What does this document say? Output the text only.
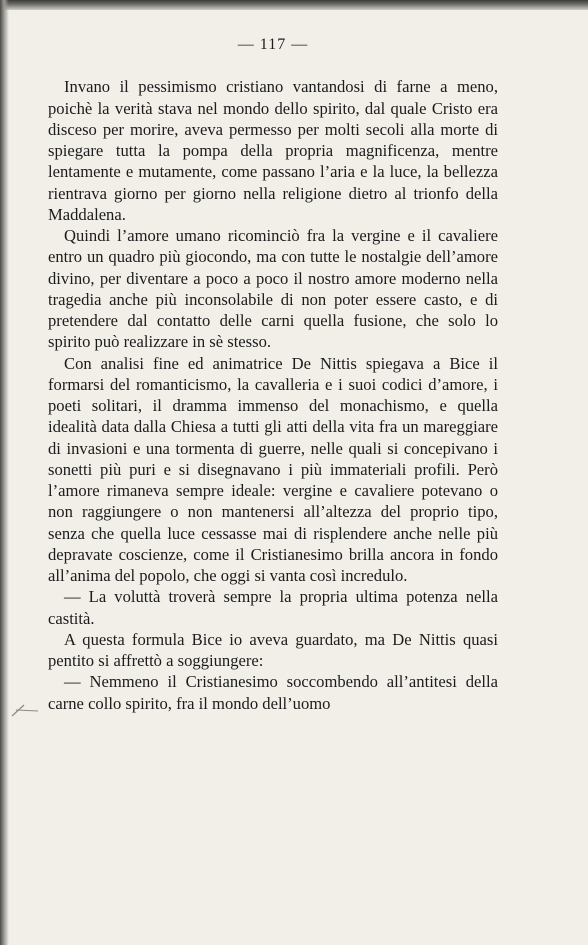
— 117 —

Invano il pessimismo cristiano vantandosi di farne a meno, poichè la verità stava nel mondo dello spirito, dal quale Cristo era disceso per morire, aveva permesso per molti secoli alla morte di spiegare tutta la pompa della propria magnificenza, mentre lentamente e mutamente, come passano l’aria e la luce, la bellezza rientrava giorno per giorno nella religione dietro al trionfo della Maddalena.

Quindi l’amore umano ricominciò fra la vergine e il cavaliere entro un quadro più giocondo, ma con tutte le nostalgie dell’amore divino, per diventare a poco a poco il nostro amore moderno nella tragedia anche più inconsolabile di non poter essere casto, e di pretendere dal contatto delle carni quella fusione, che solo lo spirito può realizzare in sè stesso.

Con analisi fine ed animatrice De Nittis spiegava a Bice il formarsi del romanticismo, la cavalleria e i suoi codici d’amore, i poeti solitari, il dramma immenso del monachismo, e quella idealità data dalla Chiesa a tutti gli atti della vita fra un mareggiare di invasioni e una tormenta di guerre, nelle quali si concepivano i sonetti più puri e si disegnavano i più immateriali profili. Però l’amore rimaneva sempre ideale: vergine e cavaliere potevano o non raggiungere o non mantenersi all’altezza del proprio tipo, senza che quella luce cessasse mai di risplendere anche nelle più depravate coscienze, come il Cristianesimo brilla ancora in fondo all’anima del popolo, che oggi si vanta così incredulo.

— La voluttà troverà sempre la propria ultima potenza nella castità.

A questa formula Bice io aveva guardato, ma De Nittis quasi pentito si affrettò a soggiungere:

— Nemmeno il Cristianesimo soccombendo all’antitesi della carne collo spirito, fra il mondo dell’uomo
